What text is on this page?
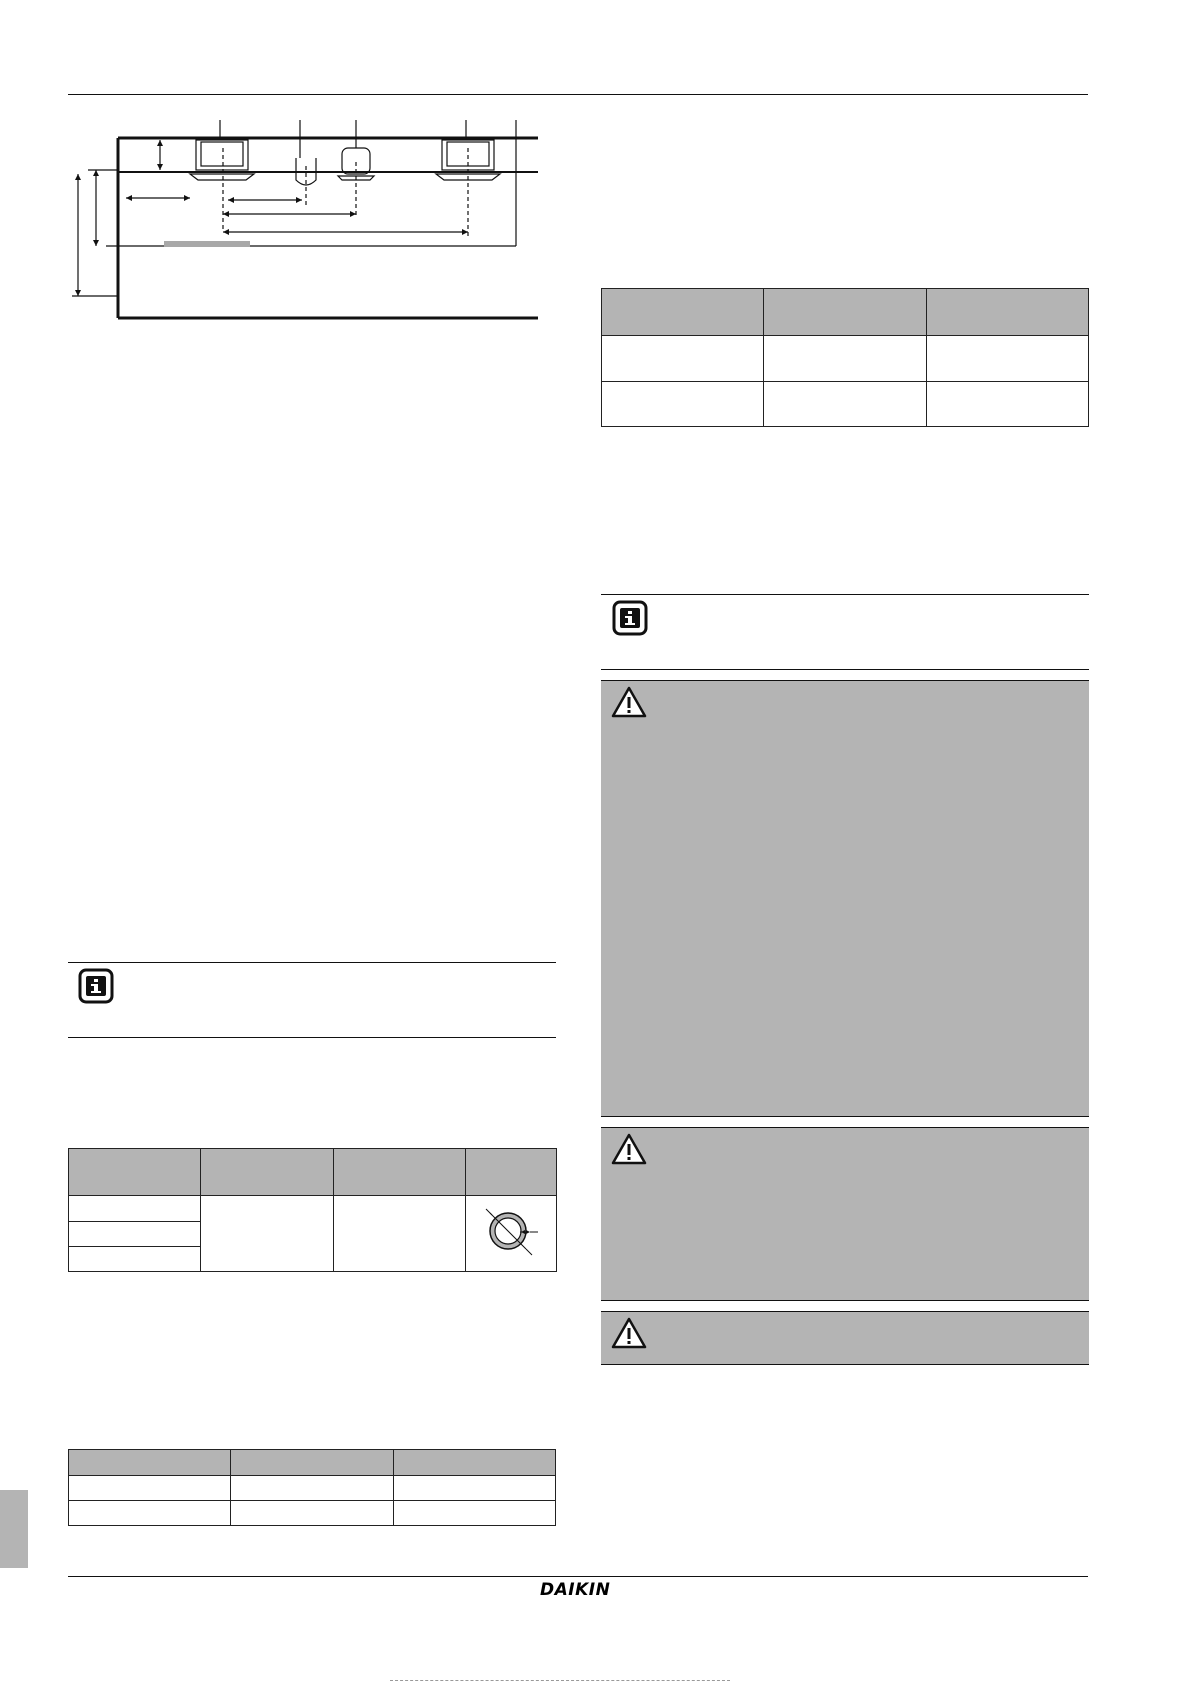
DAIKIN
